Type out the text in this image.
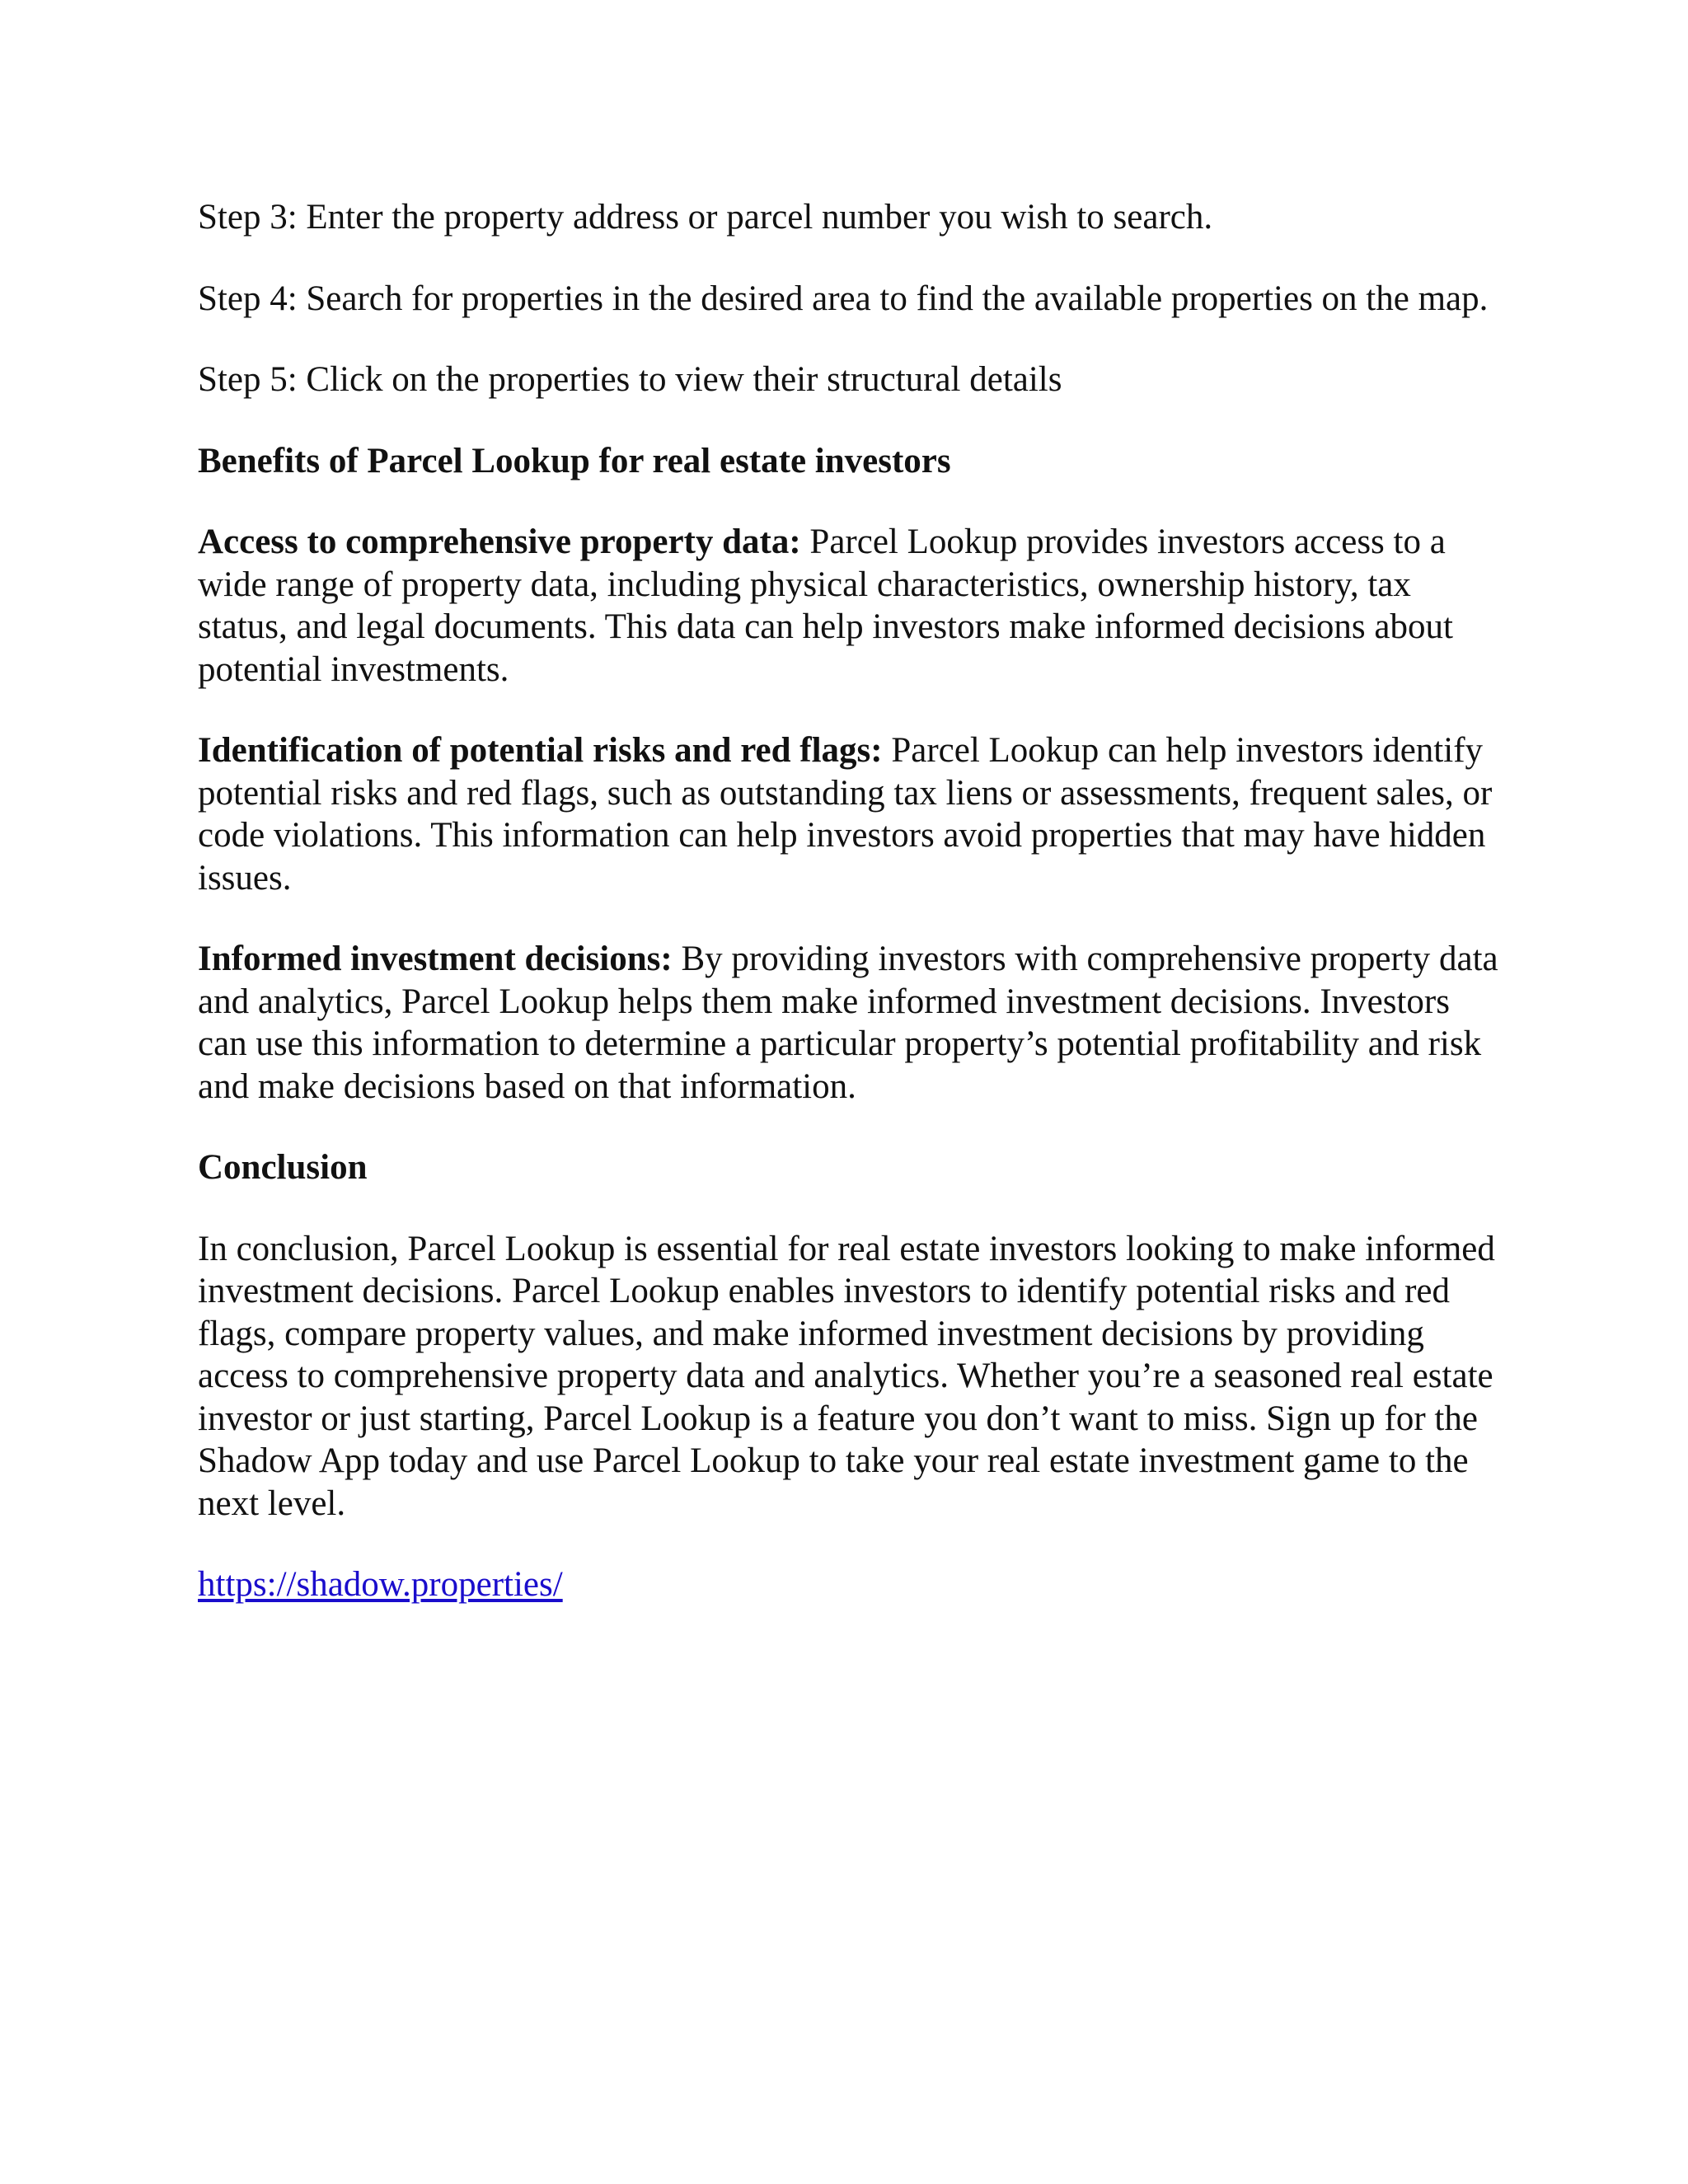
Step 3: Enter the property address or parcel number you wish to search.

Step 4: Search for properties in the desired area to find the available properties on the map.

Step 5: Click on the properties to view their structural details

Benefits of Parcel Lookup for real estate investors

Access to comprehensive property data: Parcel Lookup provides investors access to a wide range of property data, including physical characteristics, ownership history, tax status, and legal documents. This data can help investors make informed decisions about potential investments.

Identification of potential risks and red flags: Parcel Lookup can help investors identify potential risks and red flags, such as outstanding tax liens or assessments, frequent sales, or code violations. This information can help investors avoid properties that may have hidden issues.

Informed investment decisions: By providing investors with comprehensive property data and analytics, Parcel Lookup helps them make informed investment decisions. Investors can use this information to determine a particular property’s potential profitability and risk and make decisions based on that information.

Conclusion

In conclusion, Parcel Lookup is essential for real estate investors looking to make informed investment decisions. Parcel Lookup enables investors to identify potential risks and red flags, compare property values, and make informed investment decisions by providing access to comprehensive property data and analytics. Whether you’re a seasoned real estate investor or just starting, Parcel Lookup is a feature you don’t want to miss. Sign up for the Shadow App today and use Parcel Lookup to take your real estate investment game to the next level.

https://shadow.properties/
